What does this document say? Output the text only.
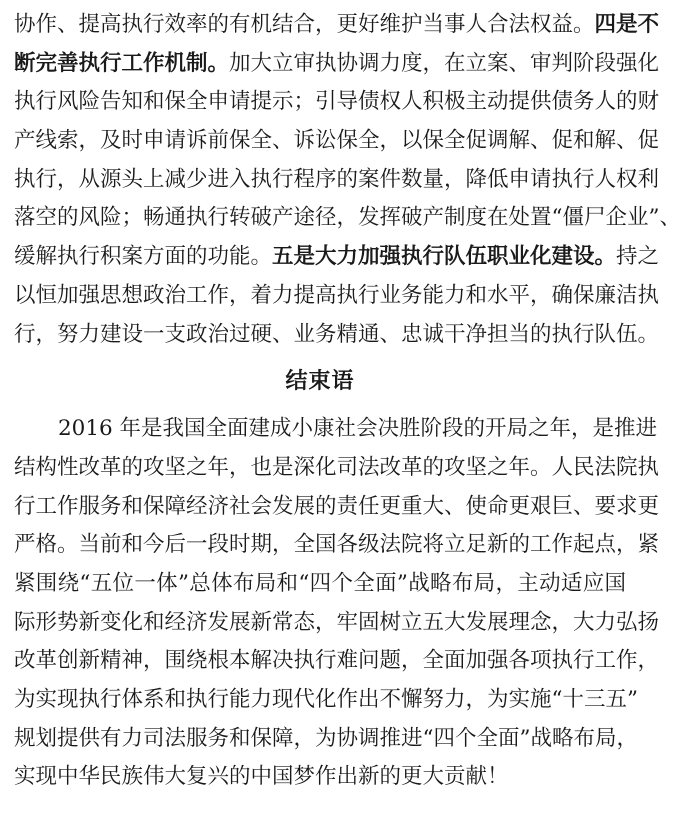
协作、提高执行效率的有机结合，更好维护当事人合法权益。四是不
断完善执行工作机制。加大立审执协调力度，在立案、审判阶段强化
执行风险告知和保全申请提示；引导债权人积极主动提供债务人的财
产线索，及时申请诉前保全、诉讼保全，以保全促调解、促和解、促
执行，从源头上减少进入执行程序的案件数量，降低申请执行人权利
落空的风险；畅通执行转破产途径，发挥破产制度在处置“僵尸企业”、
缓解执行积案方面的功能。五是大力加强执行队伍职业化建设。持之
以恒加强思想政治工作，着力提高执行业务能力和水平，确保廉洁执
行，努力建设一支政治过硬、业务精通、忠诚干净担当的执行队伍。
结束语
2016 年是我国全面建成小康社会决胜阶段的开局之年，是推进
结构性改革的攻坚之年，也是深化司法改革的攻坚之年。人民法院执
行工作服务和保障经济社会发展的责任更重大、使命更艰巨、要求更
严格。当前和今后一段时期，全国各级法院将立足新的工作起点，紧
紧围绕“五位一体”总体布局和“四个全面”战略布局，主动适应国
际形势新变化和经济发展新常态，牢固树立五大发展理念，大力弘扬
改革创新精神，围绕根本解决执行难问题，全面加强各项执行工作，
为实现执行体系和执行能力现代化作出不懈努力，为实施“十三五”
规划提供有力司法服务和保障，为协调推进“四个全面”战略布局，
实现中华民族伟大复兴的中国梦作出新的更大贡献！
